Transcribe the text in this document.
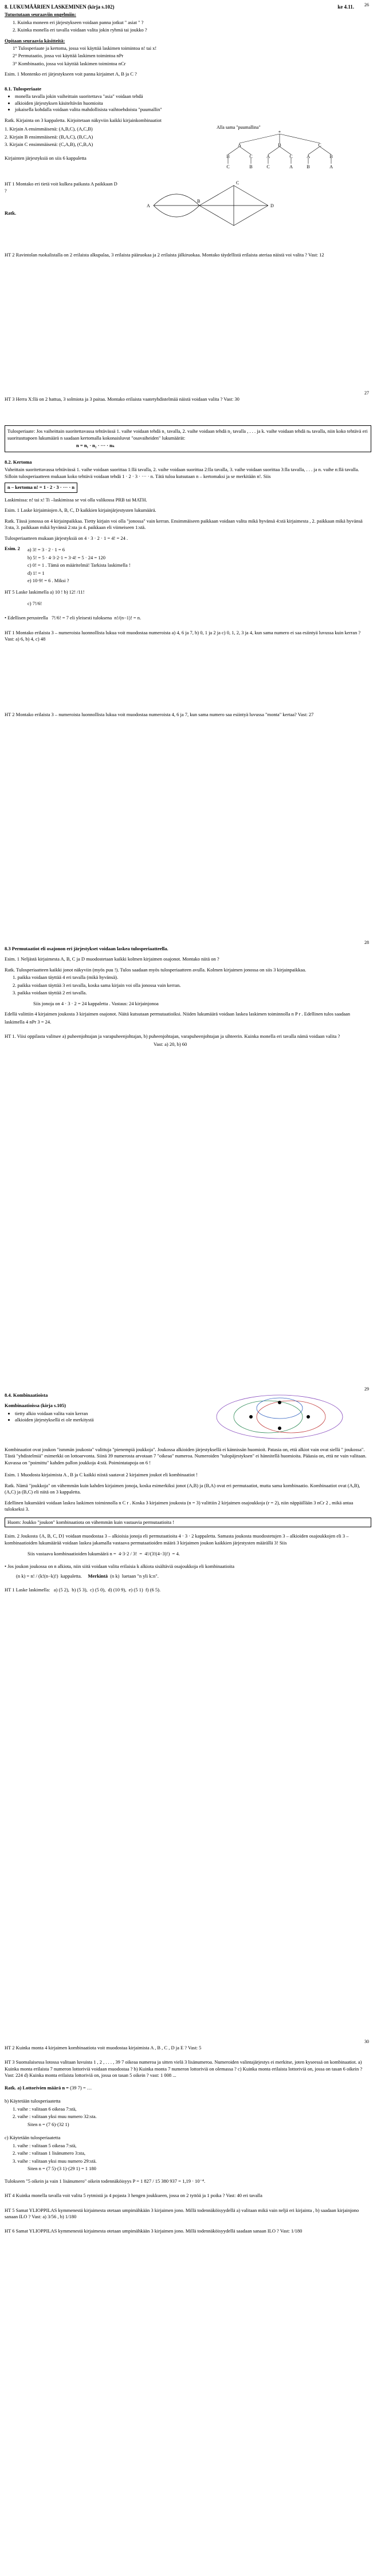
26
8. LUKUMÄÄRIEN LASKEMINEN (kirja s.102)	ke 4.11.

Tutustutaan seuraaviin ongelmiin:

1. Kuinka moneen eri järjestykseen voidaan panna jotkut " asiat " ?

2. Kuinka monella eri tavalla voidaan valita jokin ryhmä tai joukko ?

Opitaan seuraavia käsitteitä:

1° Tulosperiaate ja kertoma, jossa voi käyttää laskimen toimintoa n! tai x!

2° Permutaatio, jossa voi käyttää laskimen toimintoa nPr

3° Kombinaatio, jossa voi käyttää laskimen toimintoa nCr

Esim. 1 Montenko eri järjestykseen voit panna kirjaimet A, B ja C ?

8.1. Tulosperiaate

• monella tavalla jokin vaiheittain suoritettava "asia" voidaan tehdä
• alkioiden järjestyksen käsiteltävän huomioita
• jokaisella kohdalla voidaan valita mahdollisista vaihtoehdoista "puumallin"

Ratk. Kirjainta on 3 kappaletta. Kirjoitetaan näkyviin kaikki kirjainkombinaatiot

1. Kirjain A ensimmäisenä: (A,B,C), (A,C,B)

2. Kirjain B ensimmäisenä: (B,A,C), (B,C,A)

3. Kirjain C ensimmäisenä: (C,A,B), (C,B,A)

Kirjainten järjestyksiä on siis 6 kappaletta

Alla sama "puumallina"
*
A	B	C
B	C	A	C	A	B
C	B	C	A	B	A

HT 1 Montako eri tietä voit kulkea paikasta A paikkaan D ?

Ratk.

A
B
C
D

HT 2 Ravintolan ruokalistalla on 2 erilaista alkupalaa, 3 erilaista pääruokaa ja 2 erilaista jälkiruokaa. Montako täydellistä erilaista ateriaa näistä voi valita ? Vast: 12

27

HT 3 Herra X:llä on 2 hattua, 3 solmiota ja 3 paitaa. Montako erilaista vaatetyhdistelmää näistä voidaan valita ? Vast: 30

Tulosperiaate: Jos vaiheittain suoritettavassa tehtävässä 1. vaihe voidaan tehdä n₁ tavalla, 2. vaihe voidaan tehdä n₂ tavalla , . . . ja k. vaihe voidaan tehdä nₖ tavalla, niin koko tehtävä eri suoritusttapoen lukumäärä n saadaan kertomalla kokonaisluvut "osavaiheiden" lukumäärät:

n = n₁ · n₂ · ··· · nₖ

8.2. Kertoma

Vaheittain suoritettavassa tehtävässä 1. vaihe voidaan suorittaa 1:llä tavalla, 2. vaihe voidaan suorittaa 2:lla tavalla, 3. vaihe voidaan suorittaa 3:lla tavalla, . . . ja n. vaihe n:llä tavalla. Silloin tulosperiaatteen mukaan koko tehtävä voidaan tehdä 1 · 2 · 3 · ··· · n. Tätä tuloa kutsutaan n – kertomaksi ja se merkitään n!. Siis

n – kertoma n! = 1 · 2 · 3 · ··· · n

Laskimissa: n! tai x! Ti –laskimissa se voi olla valikossa PRB tai MATH.

Esim. 1 Laske kirjaimiojen A, B, C, D kaikkien kirjainjärjestysten lukumäärä.

Ratk. Tässä jonossa on 4 kirjainpaikkaa. Tietty kirjain voi olla "jonossa" vain kerran. Ensimmäiseen paikkaan voidaan valita mikä hyvänsä 4:stä kirjaimesta , 2. paikkaan mikä hyvänsä 3:sta, 3. paikkaan mikä hyvänsä 2:sta ja 4. paikkaan eli viimeiseen 1:stä.

Tulosperiaatteen mukaan järjestyksiä on 4 · 3 · 2 · 1 = 4! = 24 .

Esim. 2	a) 3! = 3 · 2 · 1 = 6

b) 5! = 5 · 4·3·2·1 = 3·4! = 5 · 24 = 120

c) 0! = 1 . Tämä on määritelmä! Tarkista laskimella !

d) 1! = 1

e) 10·9! = 6 . Miksi ?

HT 5 Laske laskimella a) 10 ! b) 12! /11!

c) 7!/6!

• Edellisen perusteella 7!/6! = 7 eli yleisesti tuloksena n!/(n−1)! = n.

HT 1 Montako erilaista 3 – numeroista luonnollista lukua voit muodostaa numeroista a) 4, 6 ja 7, b) 0, 1 ja 2 ja c) 0, 1, 2, 3 ja 4, kun sama numero ei saa esiintyä luvussa kuin kerran ? Vast: a) 6, b) 4, c) 48

HT 2 Montako erilaista 3 – numeroista luonnollista lukua voit muodostaa numeroista 4, 6 ja 7, kun sama numero saa esiintyä luvussa "monta" kertaa? Vast: 27

28

8.3 Permutaatiot eli osajonon eri järjestykset voidaan laskea tulosperiaatteella.

Esim. 1 Neljästä kirjaimesta A, B, C ja D muodostetaan kaikki kolmen kirjaimen osajonot. Montako niitä on ?

Ratk. Tulosperiaatteen kaikki jonot näkyviin (myös puu !). Tulos saadaan myös tulosperiaatteen avulla. Kolmen kirjaimen jonossa on siis 3 kirjainpaikkaa.

1. paikka voidaan täyttää 4 eri tavalla (mikä hyvänsä).

2. paikka voidaan täyttää 3 eri tavalla, koska sama kirjain voi olla jonossa vain kerran.

3. paikka voidaan täyttää 2 eri tavalla.

Siis jonoja on 4 · 3 · 2 = 24 kappaletta . Vastaus: 24 kirjainjonoa

Edellä valittiin 4 kirjaimen joukosta 3 kirjaimen osajonot. Näitä kutsutaan permutaatioiksi. Niiden lukumäärä voidaan laskea laskimen toiminnolla n P r . Edellinen tulos saadaan

laskimella 4 nPr 3 = 24.

HT 1. Viisi oppilasta valitsee a) puheenjohtajan ja varapuheenjohtajan, b) puheenjohtajan, varapuheenjohtajan ja sihteerin. Kuinka monella eri tavalla nämä voidaan valita ?

Vast: a) 20, b) 60

29

8.4. Kombinaatioista

Kombinaatioissa (kirja s.105)

• tietty alkio voidaan valita vain kerran
• alkioiden järjestyksellä ei ole merkitystä

Kombinaatiot ovat joukon "ismmän joukosta" valittuja "pienempiä joukkoja". Joukossa alkioiden järjestyksellä ei kännissän huomioit. Patasia on, että alkiot vain ovat siellä " joukossa". Tästä "yhdistelmiä" esimerkki on lottoarvonta. Siinä 39 numerosta arvotaan 7 "oikeaa" numeroa. Numeroiden "tulopäjestyksen" ei hännitellä huomioita. Pääasia on, että ne vain valitaan. Kuvassa on "poimittu" kahden pallon joukkoja 4:stä. Poimintatapoja on 6 !

Esim. 1 Muodosta kirjaimista A , B ja C kaikki niistä saatavat 2 kirjaimen joukot eli kombinaatiot !

Ratk. Nämä "joukkoja" on vähemmän kuin kahden kirjaimen jonoja, koska esimerkiksi jonot (A,B) ja (B,A) ovat eri permutaatiot, mutta sama kombinaatio. Kombinaatiot ovat (A,B), (A,C) ja (B,C) eli niitä on 3 kappaletta.

Edellinen lukumäärä voidaan laskea laskimen toiminnolla n C r . Koska 3 kirjaimen joukosta (n = 3) valittiin 2 kirjaimen osajoukkoja (r = 2), niin näppäillään 3 nCr 2 , mikä antaa tulokseksi 3.

Huom: Joukko "joukon" kombinaatiota on vähemmän kuin vastaavia permutaatioita !

Esim. 2 Joukosta {A, B, C, D} voidaan muodostaa 3 – alkioisia jonoja eli permutaatioita 4 · 3 · 2 kappaletta. Samasta joukosta muodostetujen 3 – alkioiden osajoukkojen eli 3 – kombinaatioiden lukumäärää voidaan laskea jakamalla vastaava permutaatioiden määrä 3 kirjaimen joukon kaikkien järjestysten määrällä 3! Siis

Siis vastaava kombinaatioiden lukumäärä n =  4·3·2 / 3!  =  4!/(3!(4−3)!)  = 4.

• Jos joukon joukossa on n alkiota, niin siitä voidaan valita erilaisia k alkiota sisältäviä osajoukkoja eli kombinaatioita

(n k) = n! / (k!(n−k)!)  kappaletta. Merkintä  (n k)  luetaan "n yli k:n".

HT 1 Laske laskimella: a) (5 2),  b) (5 3),  c) (5 0),  d) (10 9),  e) (5 1)  f) (6 5).

30

HT 2 Kuinka monta 4 kirjaimen kombinaatiota voit muodostaa kirjaimista A , B , C , D ja E ? Vast: 5

HT 3 Suomalaisessa lotossa valitaan luvuista 1 , 2 , . . . , 39 7 oikeaa numeroa ja sitten vielä 3 lisänumeroa. Numeroiden valintajärjestys ei merkitse, joten kyseessä on kombinaatiot. a) Kuinka monta erilaista 7 numeron lottoriviä voidaan muodostaa ? b) Kuinka monta 7 numeron lottoriviä on olemassa ? c) Kuinka monta erilaista lottoriviä on, jossa on tasan 6 oikein ? Vast: 224 d) Kuinka monta erilaista lottoriviä on, jossa on tasan 5 oikein ? vast: 1 008 ...

Ratk. a) Lottorivien määrä n = (39 7) = …

b) Käytetään tulosperiaatetta

1. vaihe : valitaan 6 oikeaa 7:stä,

2. vaihe : valitaan yksi muu numero 32:sta.

Siten n = (7 6)·(32 1)

c) Käytetään tulosperiaatetta

1. vaihe : valitaan 5 oikeaa 7:stä,

2. vaihe : valitaan 1 lisänumero 3:sta,

3. vaihe : valitaan yksi muu numero 29:stä.

Siten n = (7 5)·(3 1)·(29 1) = 1 180

Tulokseen "5 oikein ja vain 1 lisänumero" oikein todennäköisyys P = 1 827 / 15 380 937 = 1,19 · 10⁻⁴.

HT 4 Kuinka monella tavalla voit valita 5 rytmistä ja 4 pojasta 3 hengen joukkueen, jossa on 2 tyttöä ja 1 poika ? Vast: 40 eri tavalla

HT 5 Samat YLIOPPILAS kymmenestä kirjaimesta otetaan umpimähkään 3 kirjaimen jono. Millä todennäköisyydellä a) valitaan mikä vain neljä eri kirjainta , b) saadaan kirjainjono sanaan ILO ? Vast: a) 3/56 , b) 1/180

HT 6 Samat YLIOPPILAS kymmenestä kirjaimesta otetaan umpimähkään 3 kirjaimen jono. Millä todennäköisyydellä saadaan sanaan ILO ? Vast: 1/180
